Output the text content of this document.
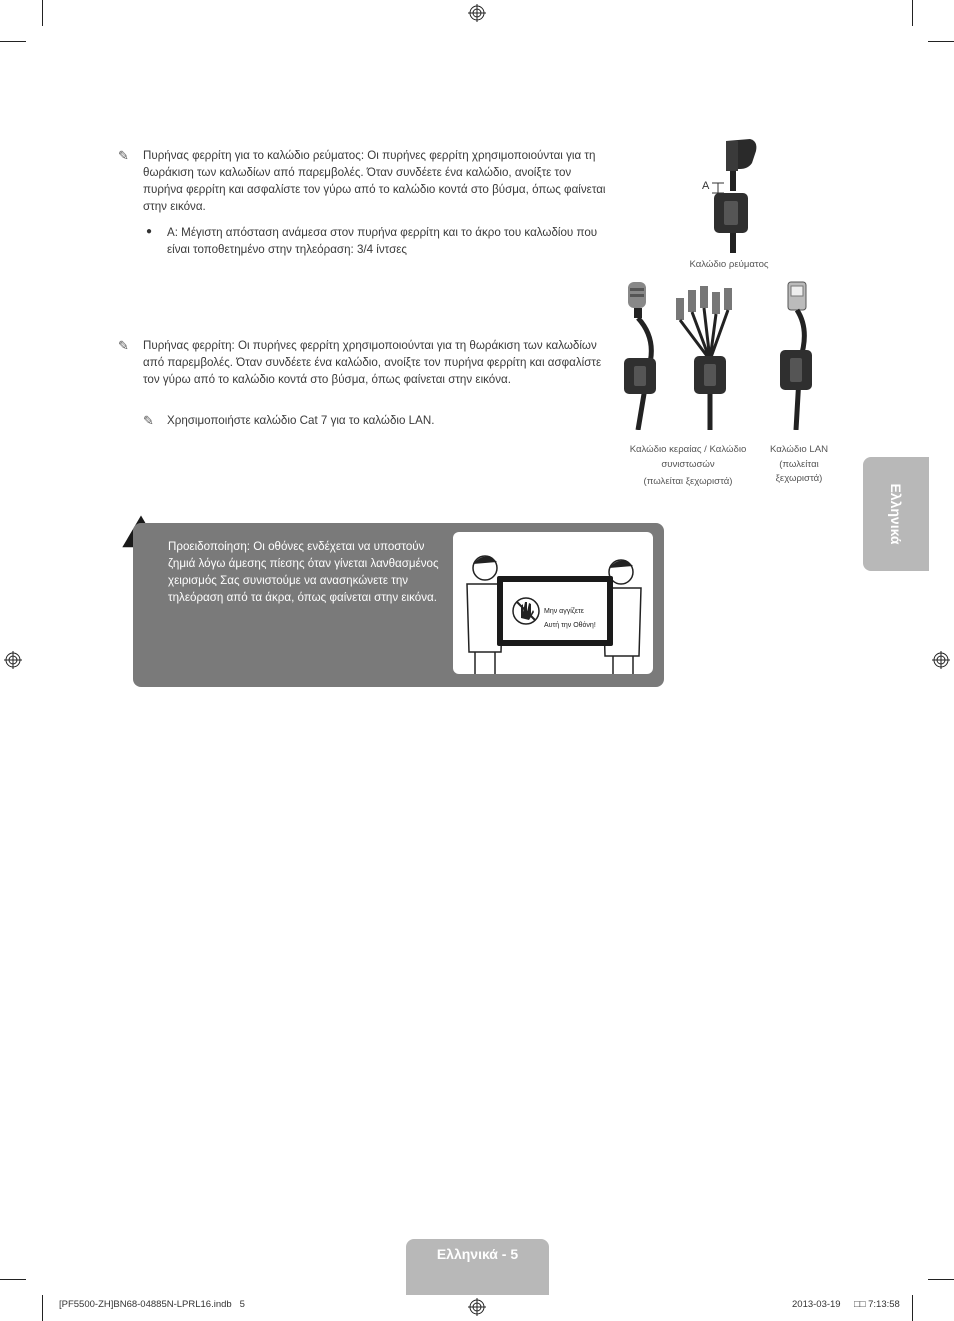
✎	Πυρήνας φερρίτη για το καλώδιο ρεύματος: Οι πυρήνες φερρίτη χρησιμοποιούνται για τη θωράκιση των καλωδίων από παρεμβολές. Όταν συνδέετε ένα καλώδιο, ανοίξτε τον πυρήνα φερρίτη και ασφαλίστε τον γύρω από το καλώδιο κοντά στο βύσμα, όπως φαίνεται στην εικόνα.
● A: Μέγιστη απόσταση ανάμεσα στον πυρήνα φερρίτη και το άκρο του καλωδίου που είναι τοποθετημένο στην τηλεόραση: 3/4 ίντσες
✎	Πυρήνας φερρίτη: Οι πυρήνες φερρίτη χρησιμοποιούνται για τη θωράκιση των καλωδίων από παρεμβολές. Όταν συνδέετε ένα καλώδιο, ανοίξτε τον πυρήνα φερρίτη και ασφαλίστε τον γύρω από το καλώδιο κοντά στο βύσμα, όπως φαίνεται στην εικόνα.
✎	Χρησιμοποιήστε καλώδιο Cat 7 για το καλώδιο LAN.
A
Καλώδιο ρεύματος
Καλώδιο κεραίας / Καλώδιο
συνιστωσών
(πωλείται ξεχωριστά)
Καλώδιο LAN
(πωλείται
ξεχωριστά)
Ελληνικά
Προειδοποίηση: Οι οθόνες ενδέχεται να υποστούν ζημιά λόγω άμεσης πίεσης όταν γίνεται λανθασμένος χειρισμός Σας συνιστούμε να ανασηκώνετε την τηλεόραση από τα άκρα, όπως φαίνεται στην εικόνα.
Μην αγγίζετε
Αυτή την Οθόνη!
Ελληνικά - 5
[PF5500-ZH]BN68-04885N-LPRL16.indb   5	2013-03-19 □□ 7:13:58
